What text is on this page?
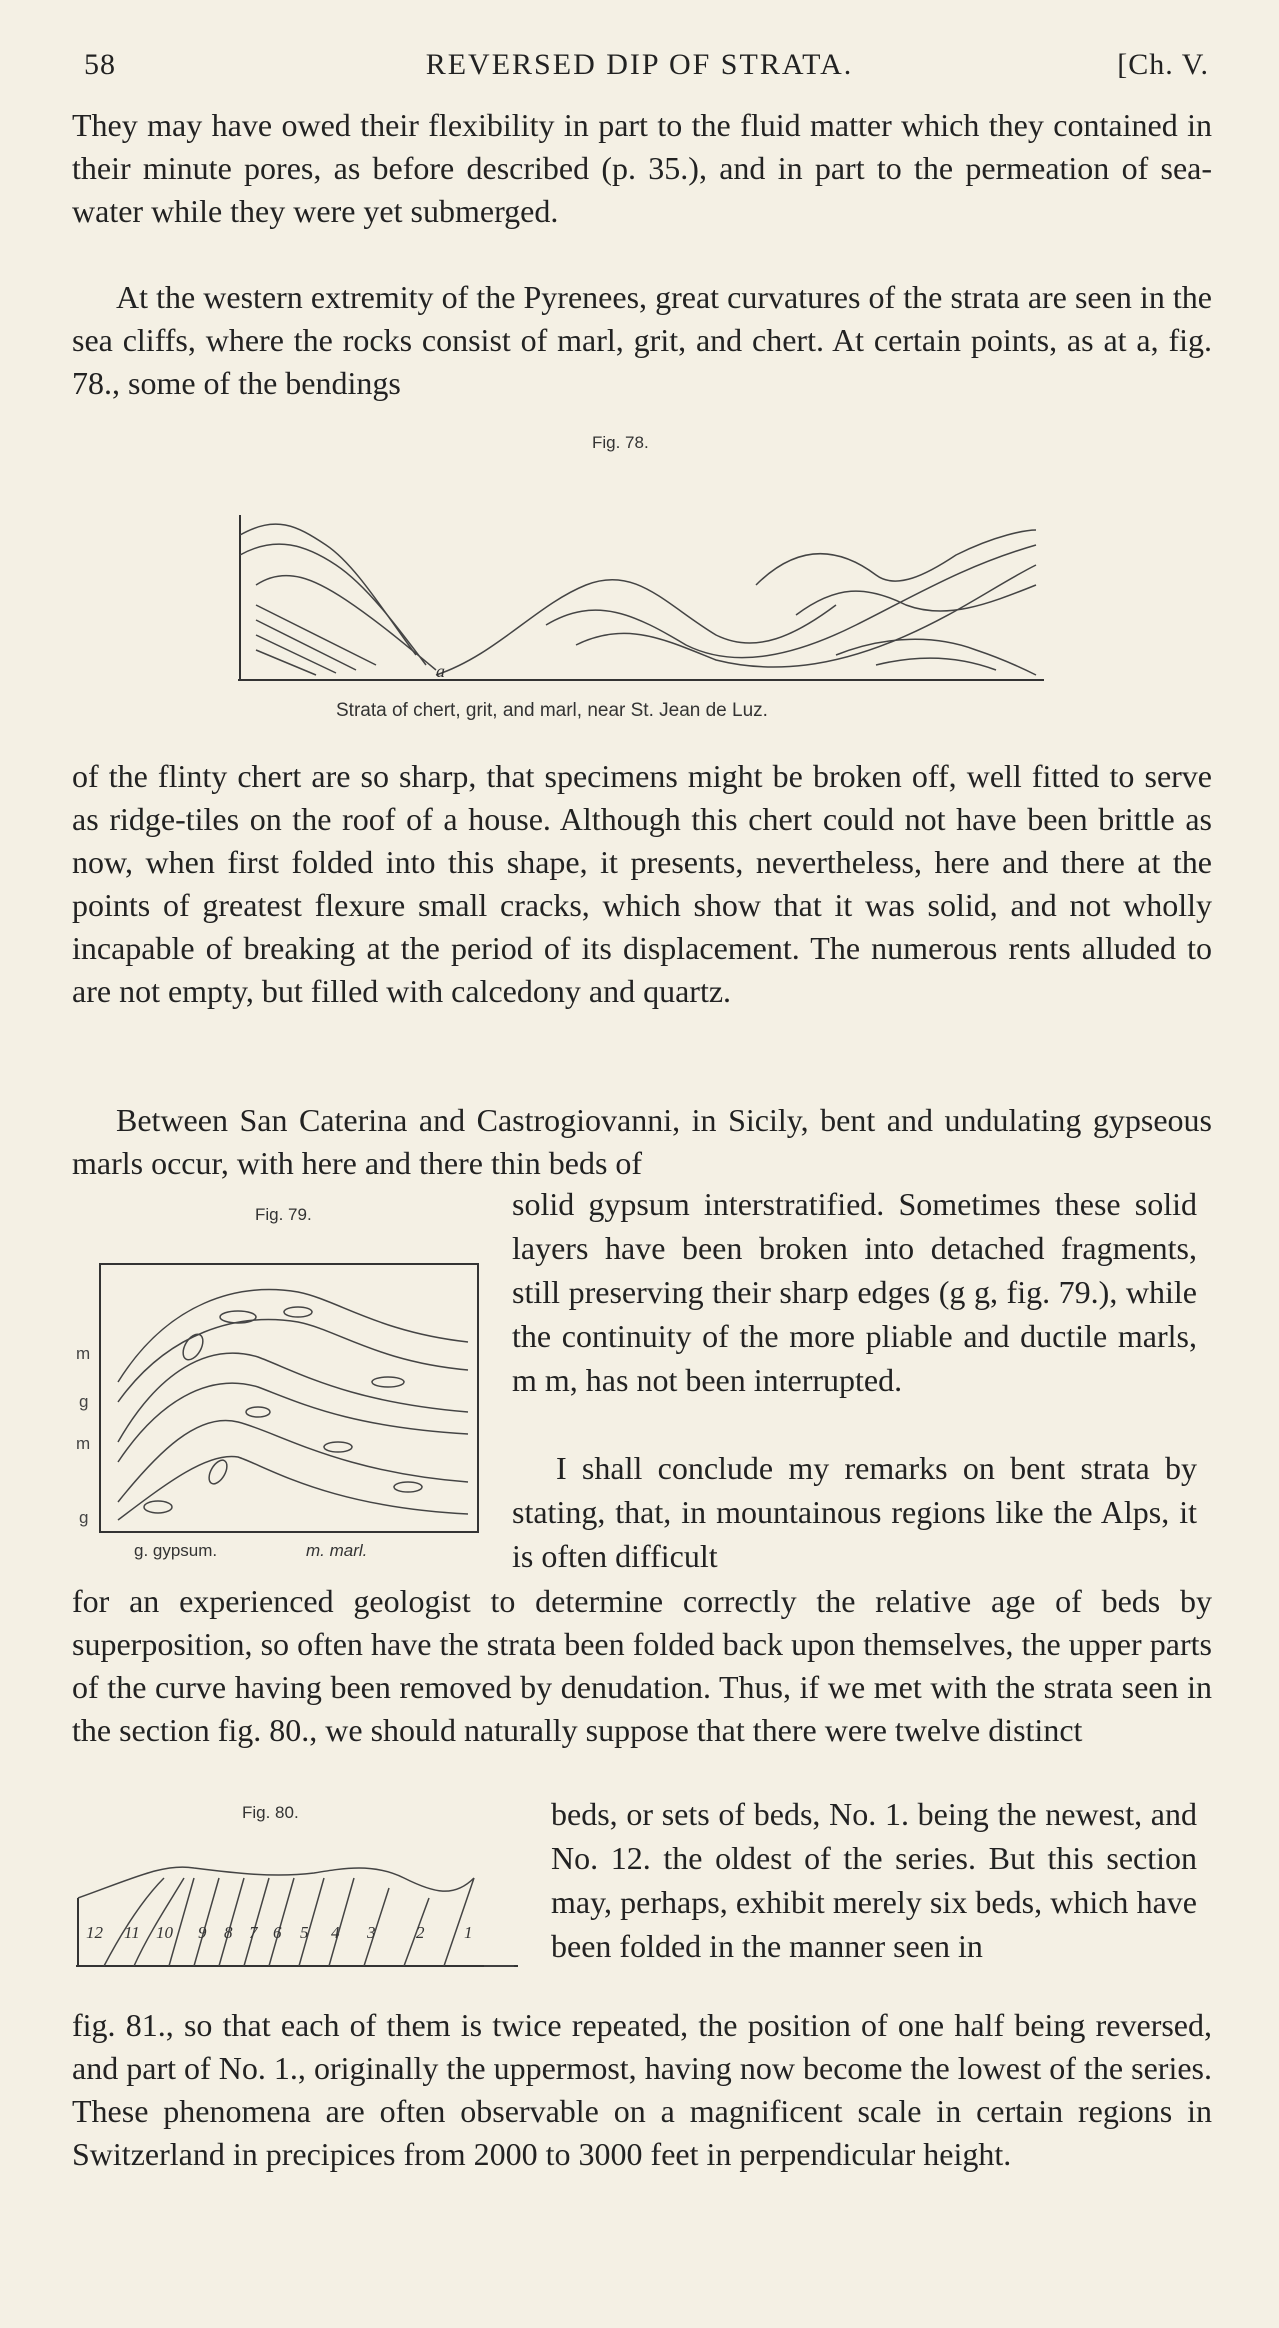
58	REVERSED DIP OF STRATA.	[Ch. V.

They may have owed their flexibility in part to the fluid matter which they contained in their minute pores, as before described (p. 35.), and in part to the permeation of sea-water while they were yet submerged.

At the western extremity of the Pyrenees, great curvatures of the strata are seen in the sea cliffs, where the rocks consist of marl, grit, and chert. At certain points, as at a, fig. 78., some of the bendings

Fig. 78.
a
Strata of chert, grit, and marl, near St. Jean de Luz.

of the flinty chert are so sharp, that specimens might be broken off, well fitted to serve as ridge-tiles on the roof of a house. Although this chert could not have been brittle as now, when first folded into this shape, it presents, nevertheless, here and there at the points of greatest flexure small cracks, which show that it was solid, and not wholly incapable of breaking at the period of its displacement. The numerous rents alluded to are not empty, but filled with calcedony and quartz.

Between San Caterina and Castrogiovanni, in Sicily, bent and undulating gypseous marls occur, with here and there thin beds of

Fig. 79.
m
g
m
g
g. gypsum.	m. marl.

solid gypsum interstratified. Sometimes these solid layers have been broken into detached fragments, still preserving their sharp edges (g g, fig. 79.), while the continuity of the more pliable and ductile marls, m m, has not been interrupted.

I shall conclude my remarks on bent strata by stating, that, in mountainous regions like the Alps, it is often difficult

for an experienced geologist to determine correctly the relative age of beds by superposition, so often have the strata been folded back upon themselves, the upper parts of the curve having been removed by denudation. Thus, if we met with the strata seen in the section fig. 80., we should naturally suppose that there were twelve distinct

Fig. 80.
12 11 10 9 8 7 6 5 4 3 2 1

beds, or sets of beds, No. 1. being the newest, and No. 12. the oldest of the series. But this section may, perhaps, exhibit merely six beds, which have been folded in the manner seen in

fig. 81., so that each of them is twice repeated, the position of one half being reversed, and part of No. 1., originally the uppermost, having now become the lowest of the series. These phenomena are often observable on a magnificent scale in certain regions in Switzerland in precipices from 2000 to 3000 feet in perpendicular height.
